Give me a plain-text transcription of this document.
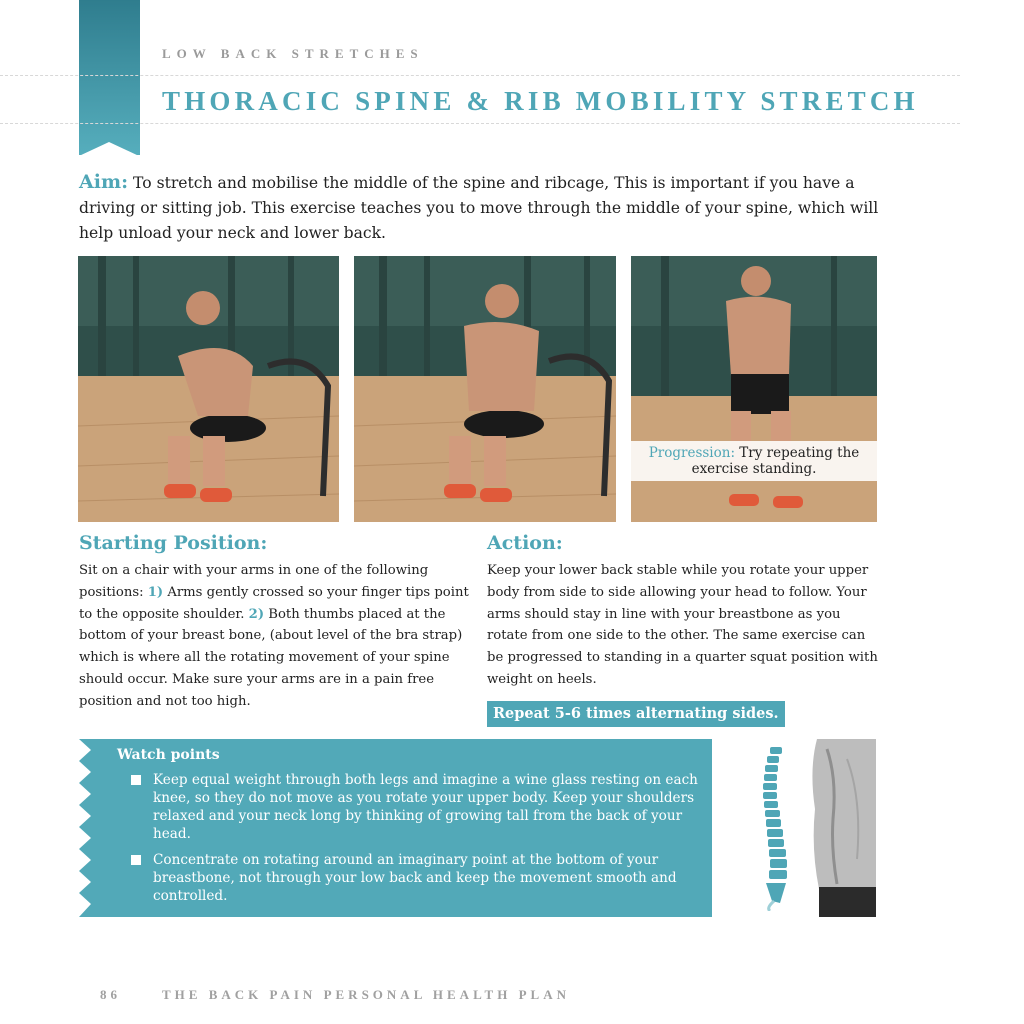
LOW BACK STRETCHES
THORACIC SPINE & RIB MOBILITY STRETCH
Aim: To stretch and mobilise the middle of the spine and ribcage, This is important if you have a driving or sitting job. This exercise teaches you to move through the middle of your spine, which will help unload your neck and lower back.
Progression: Try repeating the exercise standing.
Starting Position:
Sit on a chair with your arms in one of the following positions: 1) Arms gently crossed so your finger tips point to the opposite shoulder. 2) Both thumbs placed at the bottom of your breast bone, (about level of the bra strap) which is where all the rotating movement of your spine should occur. Make sure your arms are in a pain free position and not too high.
Action:
Keep your lower back stable while you rotate your upper body from side to side allowing your head to follow. Your arms should stay in line with your breastbone as you rotate from one side to the other. The same exercise can be progressed to standing in a quarter squat position with weight on heels.
Repeat 5-6 times alternating sides.
Watch points
Keep equal weight through both legs and imagine a wine glass resting on each knee, so they do not move as you rotate your upper body. Keep your shoulders relaxed and your neck long by thinking of growing tall from the back of your head.
Concentrate on rotating around an imaginary point at the bottom of your breastbone, not through your low back and keep the movement smooth and controlled.
86	THE BACK PAIN PERSONAL HEALTH PLAN
